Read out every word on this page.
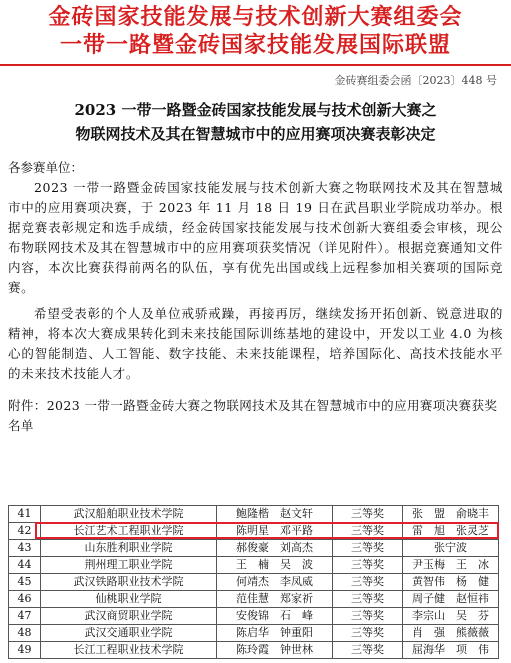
金砖国家技能发展与技术创新大赛组委会
一带一路暨金砖国家技能发展国际联盟
金砖赛组委会函〔2023〕448 号
2023 一带一路暨金砖国家技能发展与技术创新大赛之
物联网技术及其在智慧城市中的应用赛项决赛表彰决定
各参赛单位：
2023 一带一路暨金砖国家技能发展与技术创新大赛之物联网技术及其在智慧城市中的应用赛项决赛，于 2023 年 11 月 18 日 19 日在武昌职业学院成功举办。根据竞赛表彰规定和选手成绩，经金砖国家技能发展与技术创新大赛组委会审核，现公布物联网技术及其在智慧城市中的应用赛项获奖情况（详见附件）。根据竞赛通知文件内容，本次比赛获得前两名的队伍，享有优先出国或线上远程参加相关赛项的国际竞赛。
希望受表彰的个人及单位戒骄戒躁，再接再厉，继续发扬开拓创新、锐意进取的精神，将本次大赛成果转化到未来技能国际训练基地的建设中，开发以工业 4.0 为核心的智能制造、人工智能、数字技能、未来技能课程，培养国际化、高技术技能水平的未来技术技能人才。
附件：2023 一带一路暨金砖大赛之物联网技术及其在智慧城市中的应用赛项决赛获奖名单
41	武汉船舶职业技术学院	鲍隆楷　赵文轩	三等奖	张　盟　俞晓丰
42	长江艺术工程职业学院	陈明星　邓平路	三等奖	雷　旭　张灵芝
43	山东胜利职业学院	郝俊豪　刘高杰	三等奖	张宁波
44	荆州理工职业学院	王　楠　吴　波	三等奖	尹玉梅　王　冰
45	武汉铁路职业技术学院	何靖杰　李凤威	三等奖	黄智伟　杨　健
46	仙桃职业学院	范佳慧　郑家祈	三等奖	周子健　赵恒祎
47	武汉商贸职业学院	安俊锦　石　峰	三等奖	李宗山　吴　芬
48	武汉交通职业学院	陈启华　钟重阳	三等奖	肖　强　熊薇薇
49	长江工程职业技术学院	陈玲霞　钟世林	三等奖	屈海华　项　伟
